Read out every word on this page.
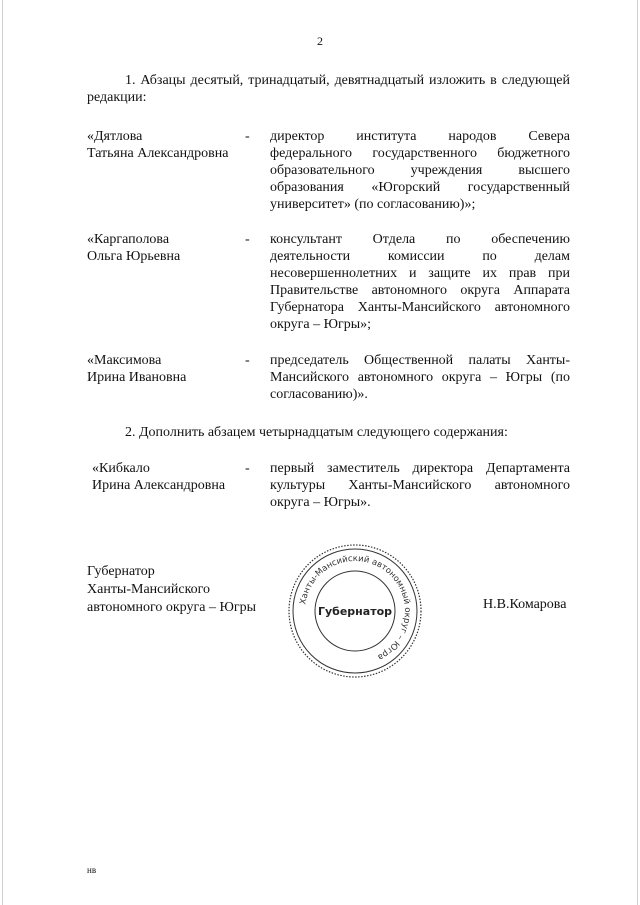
2
1. Абзацы десятый, тринадцатый, девятнадцатый изложить в следующей редакции:
«Дятлова
Татьяна Александровна
- директор института народов Севера федерального государственного бюджетного образовательного учреждения высшего образования «Югорский государственный университет» (по согласованию)»;
«Каргаполова
Ольга Юрьевна
- консультант Отдела по обеспечению деятельности комиссии по делам несовершеннолетних и защите их прав при Правительстве автономного округа Аппарата Губернатора Ханты-Мансийского автономного округа – Югры»;
«Максимова
Ирина Ивановна
- председатель Общественной палаты Ханты-Мансийского автономного округа – Югры (по согласованию)».
2. Дополнить абзацем четырнадцатым следующего содержания:
«Кибкало
Ирина Александровна
- первый заместитель директора Департамента культуры Ханты-Мансийского автономного округа – Югры».
Губернатор
Ханты-Мансийского
автономного округа – Югры	Ханты-Мансийский автономный округ – Югра
Губернатор	Н.В.Комарова
нв
